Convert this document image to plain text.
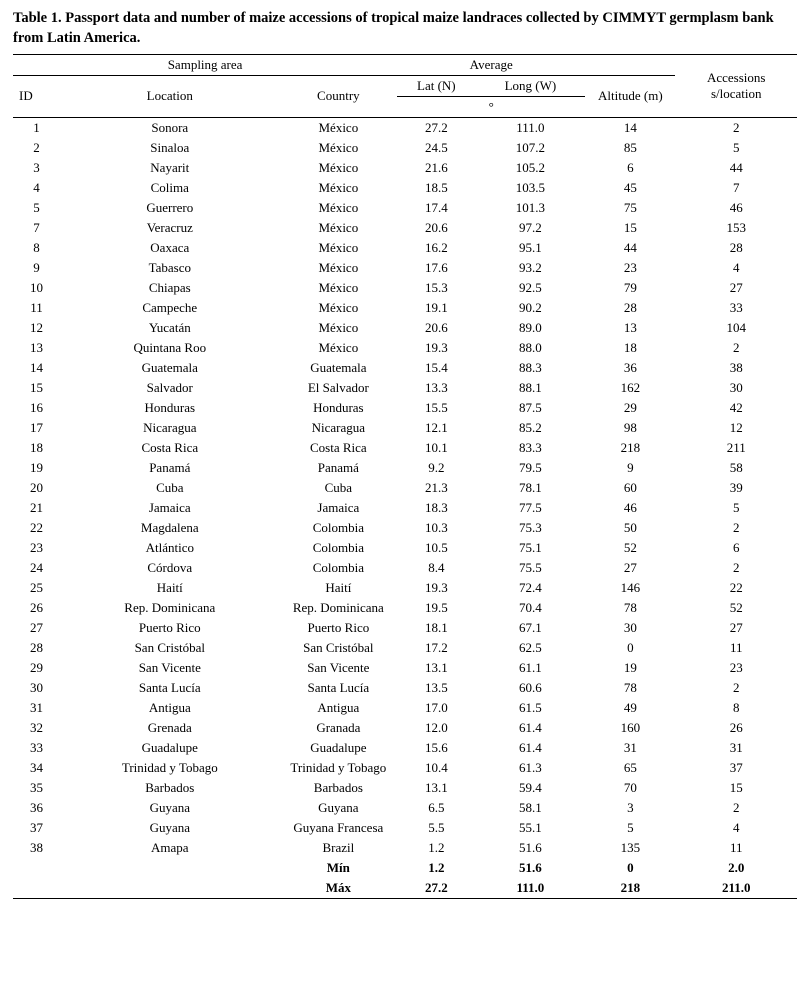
Table 1. Passport data and number of maize accessions of tropical maize landraces collected by CIMMYT germplasm bank from Latin America.
Sampling area			Average			Accessions s/location

ID	Location	Country	Lat (N)	Long (W)	Altitude (m)	
			°			
1	Sonora	México	27.2	111.0	14	2
2	Sinaloa	México	24.5	107.2	85	5
3	Nayarit	México	21.6	105.2	6	44
4	Colima	México	18.5	103.5	45	7
5	Guerrero	México	17.4	101.3	75	46
7	Veracruz	México	20.6	97.2	15	153
8	Oaxaca	México	16.2	95.1	44	28
9	Tabasco	México	17.6	93.2	23	4
10	Chiapas	México	15.3	92.5	79	27
11	Campeche	México	19.1	90.2	28	33
12	Yucatán	México	20.6	89.0	13	104
13	Quintana Roo	México	19.3	88.0	18	2
14	Guatemala	Guatemala	15.4	88.3	36	38
15	Salvador	El Salvador	13.3	88.1	162	30
16	Honduras	Honduras	15.5	87.5	29	42
17	Nicaragua	Nicaragua	12.1	85.2	98	12
18	Costa Rica	Costa Rica	10.1	83.3	218	211
19	Panamá	Panamá	9.2	79.5	9	58
20	Cuba	Cuba	21.3	78.1	60	39
21	Jamaica	Jamaica	18.3	77.5	46	5
22	Magdalena	Colombia	10.3	75.3	50	2
23	Atlántico	Colombia	10.5	75.1	52	6
24	Córdova	Colombia	8.4	75.5	27	2
25	Haití	Haití	19.3	72.4	146	22
26	Rep. Dominicana	Rep. Dominicana	19.5	70.4	78	52
27	Puerto Rico	Puerto Rico	18.1	67.1	30	27
28	San Cristóbal	San Cristóbal	17.2	62.5	0	11
29	San Vicente	San Vicente	13.1	61.1	19	23
30	Santa Lucía	Santa Lucía	13.5	60.6	78	2
31	Antigua	Antigua	17.0	61.5	49	8
32	Grenada	Granada	12.0	61.4	160	26
33	Guadalupe	Guadalupe	15.6	61.4	31	31
34	Trinidad y Tobago	Trinidad y Tobago	10.4	61.3	65	37
35	Barbados	Barbados	13.1	59.4	70	15
36	Guyana	Guyana	6.5	58.1	3	2
37	Guyana	Guyana Francesa	5.5	55.1	5	4
38	Amapa	Brazil	1.2	51.6	135	11
		Mín	1.2	51.6	0	2.0
		Máx	27.2	111.0	218	211.0
